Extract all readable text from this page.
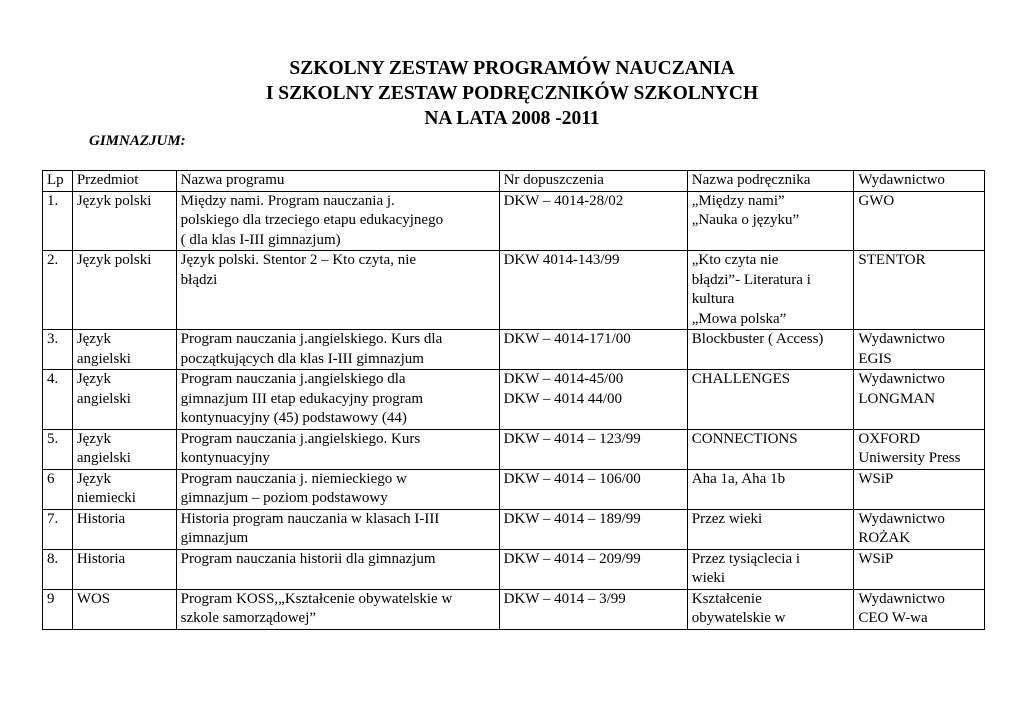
SZKOLNY ZESTAW PROGRAMÓW NAUCZANIA
I SZKOLNY ZESTAW PODRĘCZNIKÓW SZKOLNYCH
NA LATA 2008 -2011
GIMNAZJUM:
Lp	Przedmiot	Nazwa programu	Nr dopuszczenia	Nazwa podręcznika	Wydawnictwo
1.	Język polski	Między nami. Program nauczania j.
polskiego dla trzeciego etapu edukacyjnego
( dla klas I-III gimnazjum)	DKW – 4014-28/02	„Między nami”
„Nauka o języku”	GWO
2.	Język polski	Język polski. Stentor 2 – Kto czyta, nie
błądzi	DKW 4014-143/99	„Kto czyta nie
błądzi”- Literatura i
kultura
„Mowa polska”	STENTOR
3.	Język
angielski	Program nauczania j.angielskiego. Kurs dla
początkujących dla klas I-III gimnazjum	DKW – 4014-171/00	Blockbuster ( Access)	Wydawnictwo
EGIS
4.	Język
angielski	Program nauczania j.angielskiego dla
gimnazjum III etap edukacyjny program
kontynuacyjny (45) podstawowy (44)	DKW – 4014-45/00
DKW – 4014 44/00	CHALLENGES	Wydawnictwo
LONGMAN
5.	Język
angielski	Program nauczania j.angielskiego. Kurs
kontynuacyjny	DKW – 4014 – 123/99	CONNECTIONS	OXFORD
Uniwersity Press
6	Język
niemiecki	Program nauczania j. niemieckiego w
gimnazjum – poziom podstawowy	DKW – 4014 – 106/00	Aha 1a, Aha 1b	WSiP
7.	Historia	Historia program nauczania w klasach I-III
gimnazjum	DKW – 4014 – 189/99	Przez wieki	Wydawnictwo
ROŻAK
8.	Historia	Program nauczania historii dla gimnazjum	DKW – 4014 – 209/99	Przez tysiąclecia i
wieki	WSiP
9	WOS	Program KOSS,„Kształcenie obywatelskie w
szkole samorządowej”	DKW – 4014 – 3/99	Kształcenie
obywatelskie w	Wydawnictwo
CEO W-wa
